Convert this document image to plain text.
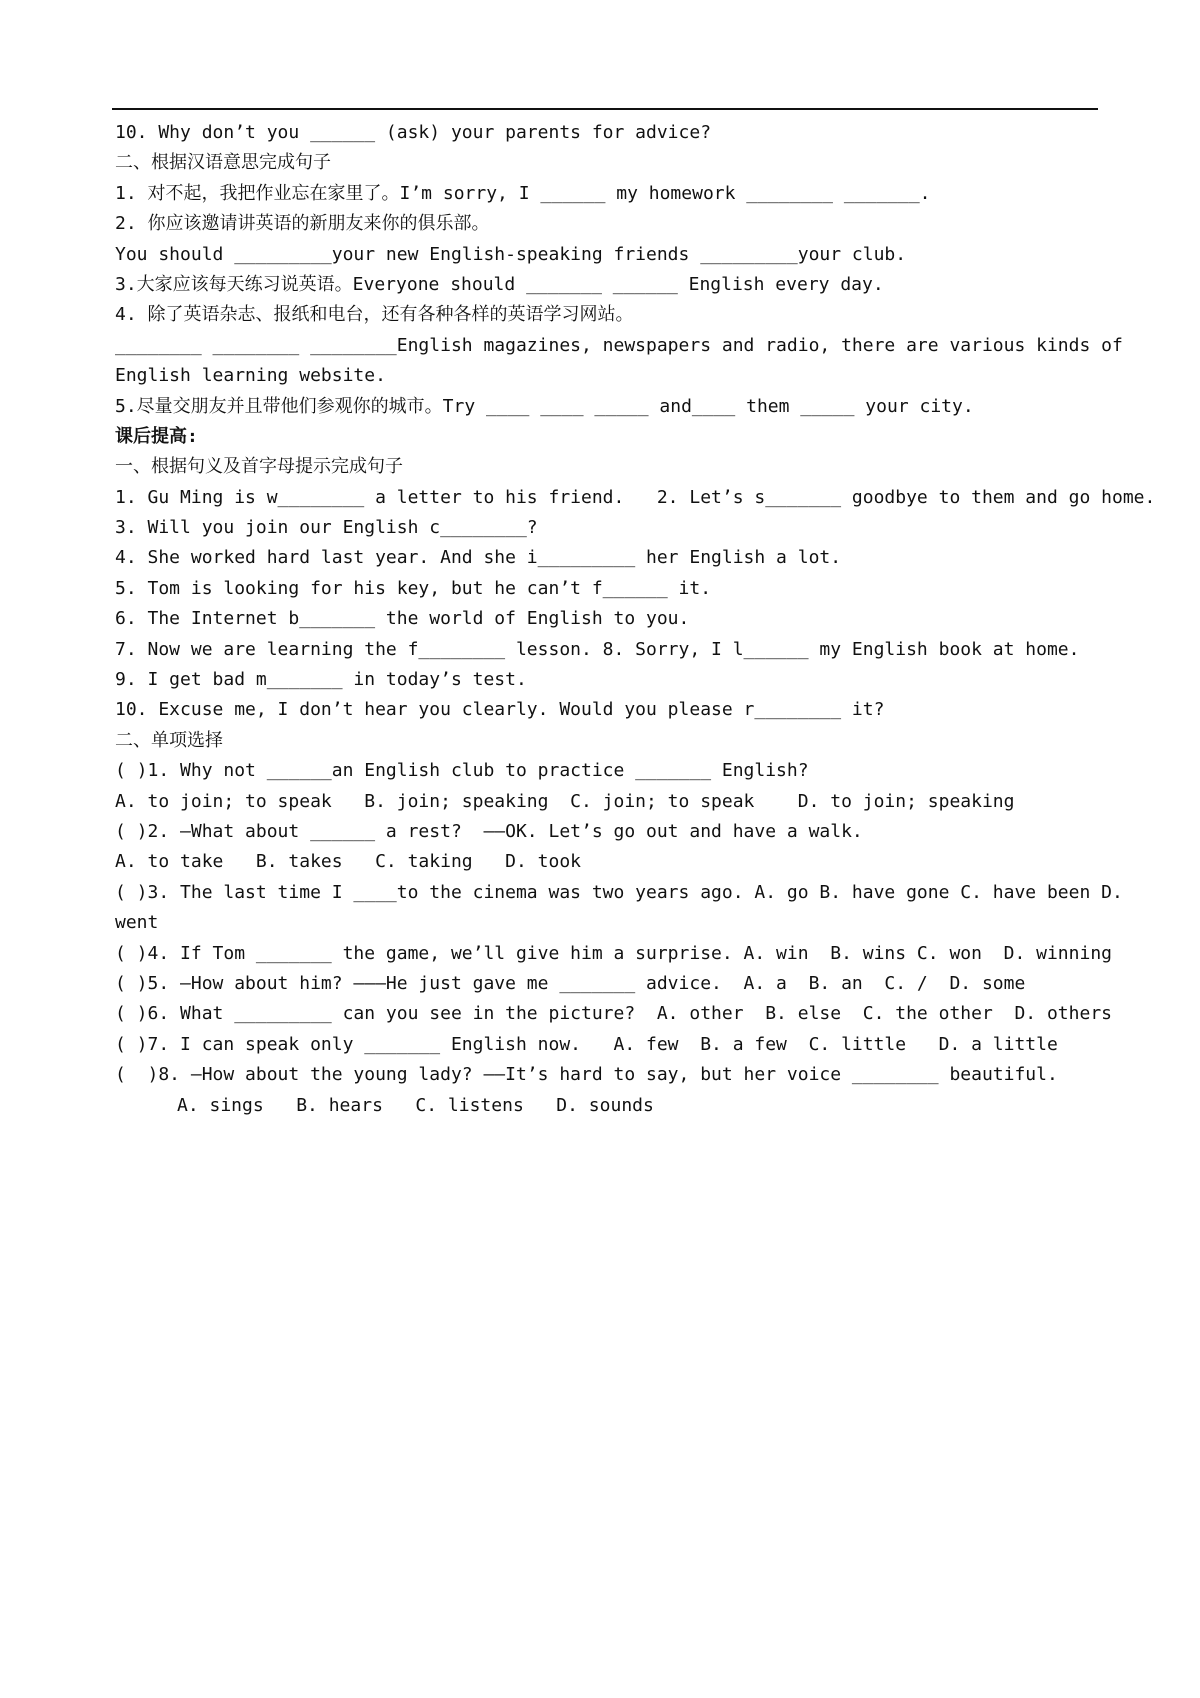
10. Why don’t you ______ (ask) your parents for advice?
二、根据汉语意思完成句子
1. 对不起，我把作业忘在家里了。I’m sorry, I ______ my homework ________ _______.
2. 你应该邀请讲英语的新朋友来你的俱乐部。
You should _________your new English-speaking friends _________your club.
3.大家应该每天练习说英语。Everyone should _______ ______ English every day.
4. 除了英语杂志、报纸和电台，还有各种各样的英语学习网站。
________ ________ ________English magazines, newspapers and radio, there are various kinds of
English learning website.
5.尽量交朋友并且带他们参观你的城市。Try ____ ____ _____ and____ them _____ your city.
课后提高:
一、根据句义及首字母提示完成句子
1. Gu Ming is w________ a letter to his friend.   2. Let’s s_______ goodbye to them and go home.
3. Will you join our English c________?
4. She worked hard last year. And she i_________ her English a lot.
5. Tom is looking for his key, but he can’t f______ it.
6. The Internet b_______ the world of English to you.
7. Now we are learning the f________ lesson. 8. Sorry, I l______ my English book at home.
9. I get bad m_______ in today’s test.
10. Excuse me, I don’t hear you clearly. Would you please r________ it?
二、单项选择
( )1. Why not ______an English club to practice _______ English?
A. to join; to speak   B. join; speaking  C. join; to speak    D. to join; speaking
( )2. –What about ______ a rest?  ——OK. Let’s go out and have a walk.
A. to take   B. takes   C. taking   D. took
( )3. The last time I ____to the cinema was two years ago. A. go B. have gone C. have been D.
went
( )4. If Tom _______ the game, we’ll give him a surprise. A. win  B. wins C. won  D. winning
( )5. –How about him? ———He just gave me _______ advice.  A. a  B. an  C. /  D. some
( )6. What _________ can you see in the picture?  A. other  B. else  C. the other  D. others
( )7. I can speak only _______ English now.   A. few  B. a few  C. little   D. a little
(  )8. –How about the young lady? ——It’s hard to say, but her voice ________ beautiful.
A. sings   B. hears   C. listens   D. sounds
